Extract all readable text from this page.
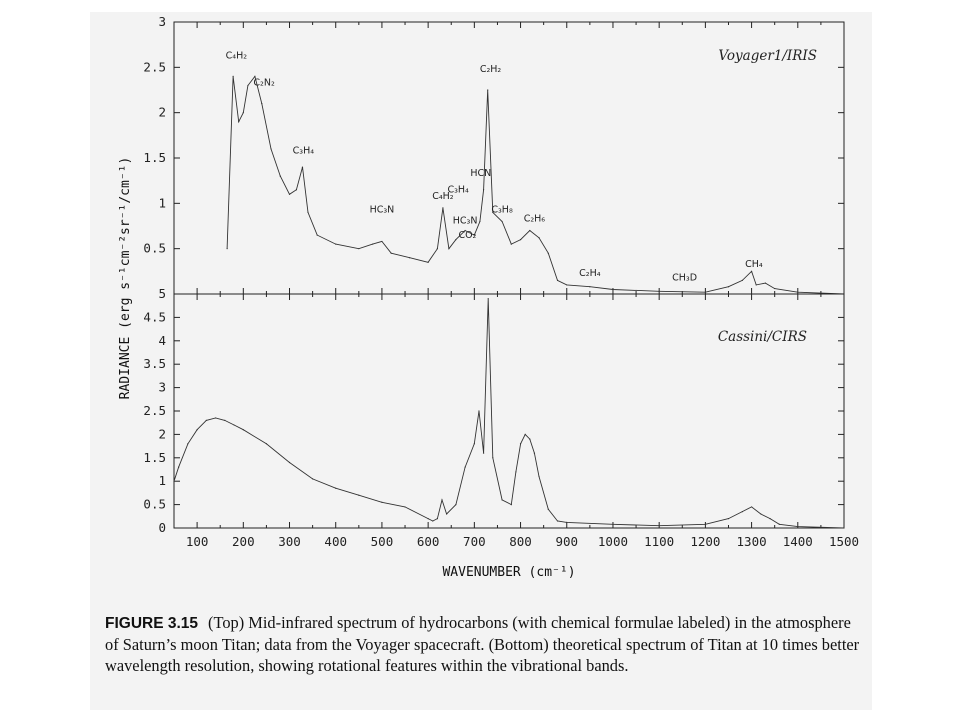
0.5
1
1.5
2
2.5
3
Voyager1/IRIS
C₄H₂
C₂N₂
C₃H₄
HC₃N
C₄H₂
C₃H₄
HCN
C₂H₂
HC₃N
CO₂
C₃H₈
C₂H₆
C₂H₄	CH₃D
CH₄
0
0.5
1
1.5
2
2.5
3
3.5
4
4.5
5
100 200 300 400 500 600 700 800 900 1000 1100 1200 1300 1400 1500
Cassini/CIRS
RADIANCE (erg s⁻¹cm⁻²sr⁻¹/cm⁻¹)
WAVENUMBER (cm⁻¹)
FIGURE 3.15 (Top) Mid-infrared spectrum of hydrocarbons (with chemical formulae labeled) in the atmosphere of Saturn’s moon Titan; data from the Voyager spacecraft. (Bottom) theoretical spectrum of Titan at 10 times better wavelength resolution, showing rotational features within the vibrational bands.
